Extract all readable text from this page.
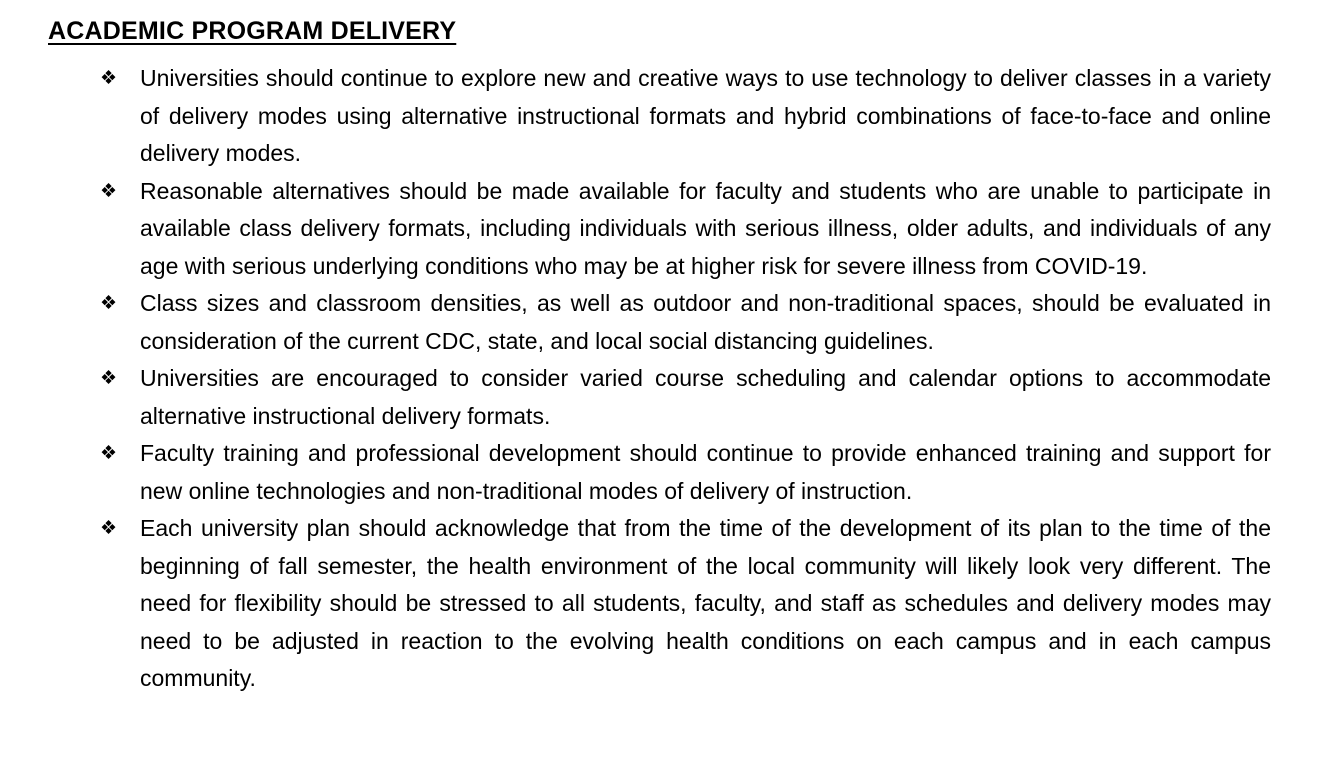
ACADEMIC PROGRAM DELIVERY
❖ Universities should continue to explore new and creative ways to use technology to deliver classes in a variety of delivery modes using alternative instructional formats and hybrid combinations of face-to-face and online delivery modes.
❖ Reasonable alternatives should be made available for faculty and students who are unable to participate in available class delivery formats, including individuals with serious illness, older adults, and individuals of any age with serious underlying conditions who may be at higher risk for severe illness from COVID-19.
❖ Class sizes and classroom densities, as well as outdoor and non-traditional spaces, should be evaluated in consideration of the current CDC, state, and local social distancing guidelines.
❖ Universities are encouraged to consider varied course scheduling and calendar options to accommodate alternative instructional delivery formats.
❖ Faculty training and professional development should continue to provide enhanced training and support for new online technologies and non-traditional modes of delivery of instruction.
❖ Each university plan should acknowledge that from the time of the development of its plan to the time of the beginning of fall semester, the health environment of the local community will likely look very different. The need for flexibility should be stressed to all students, faculty, and staff as schedules and delivery modes may need to be adjusted in reaction to the evolving health conditions on each campus and in each campus community.
